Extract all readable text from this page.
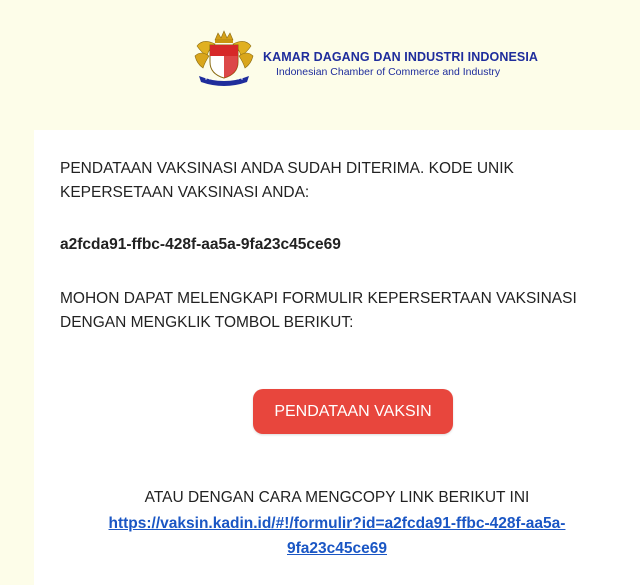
KAMAR DAGANG DAN INDUSTRI INDONESIA
Indonesian Chamber of Commerce and Industry
PENDATAAN VAKSINASI ANDA SUDAH DITERIMA. KODE UNIK
KEPERSETAAN VAKSINASI ANDA:
a2fcda91-ffbc-428f-aa5a-9fa23c45ce69
MOHON DAPAT MELENGKAPI FORMULIR KEPERSERTAAN VAKSINASI
DENGAN MENGKLIK TOMBOL BERIKUT:
PENDATAAN VAKSIN
ATAU DENGAN CARA MENGCOPY LINK BERIKUT INI
https://vaksin.kadin.id/#!/formulir?id=a2fcda91-ffbc-428f-aa5a-
9fa23c45ce69
